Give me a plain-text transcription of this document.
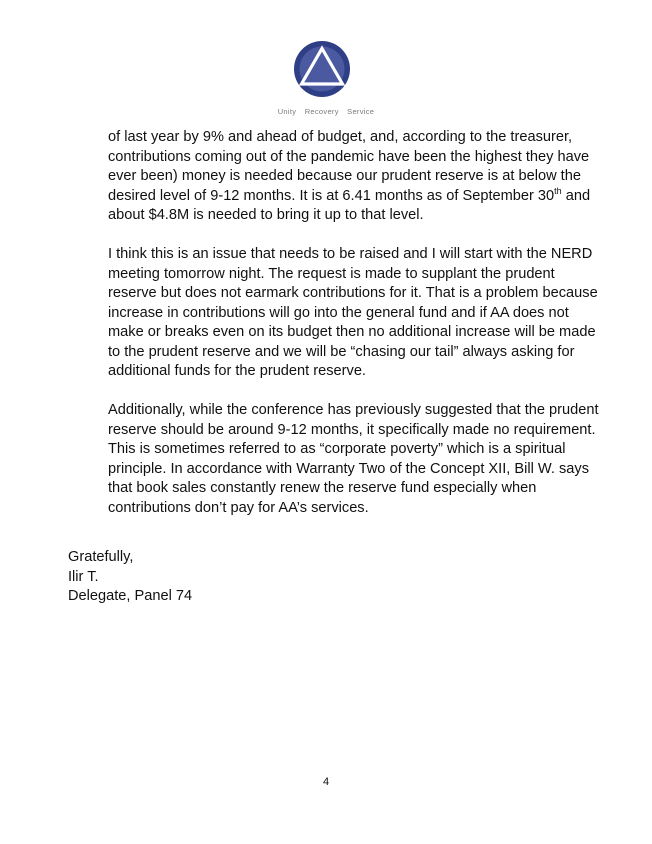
Unity Recovery Service

of last year by 9% and ahead of budget, and, according to the treasurer,
contributions coming out of the pandemic have been the highest they have
ever been) money is needed because our prudent reserve is at below the
desired level of 9-12 months. It is at 6.41 months as of September 30th and
about $4.8M is needed to bring it up to that level.

I think this is an issue that needs to be raised and I will start with the NERD
meeting tomorrow night. The request is made to supplant the prudent
reserve but does not earmark contributions for it. That is a problem because
increase in contributions will go into the general fund and if AA does not
make or breaks even on its budget then no additional increase will be made
to the prudent reserve and we will be “chasing our tail” always asking for
additional funds for the prudent reserve.

Additionally, while the conference has previously suggested that the prudent
reserve should be around 9-12 months, it specifically made no requirement.
This is sometimes referred to as “corporate poverty” which is a spiritual
principle. In accordance with Warranty Two of the Concept XII, Bill W. says
that book sales constantly renew the reserve fund especially when
contributions don’t pay for AA’s services.

Gratefully,
Ilir T.
Delegate, Panel 74
4
